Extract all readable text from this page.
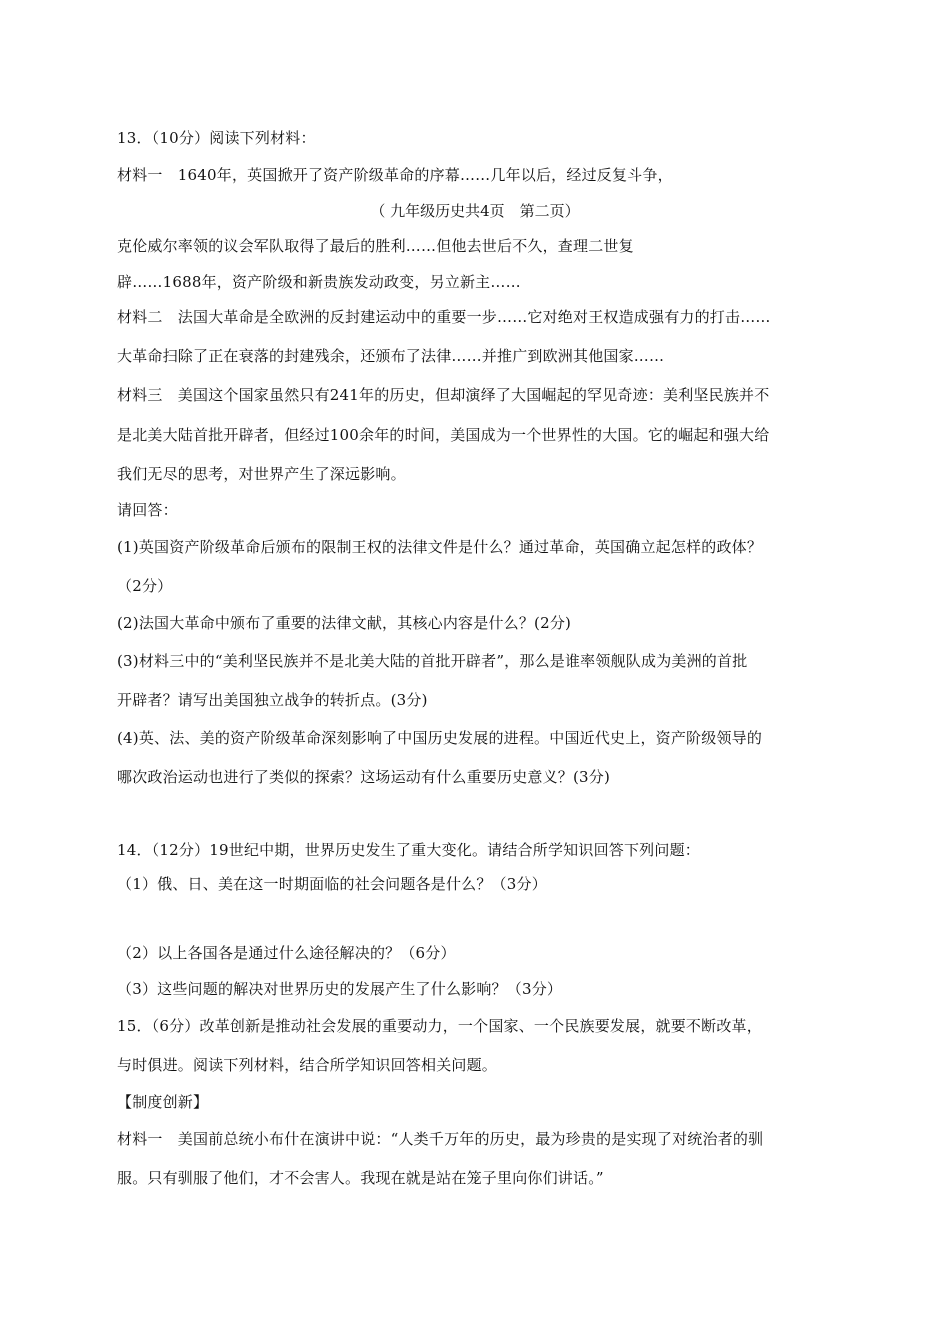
13．（10分）阅读下列材料：
材料一　1640年，英国掀开了资产阶级革命的序幕……几年以后，经过反复斗争，
（ 九年级历史共4页　第二页）
克伦威尔率领的议会军队取得了最后的胜利……但他去世后不久，查理二世复
辟……1688年，资产阶级和新贵族发动政变，另立新主……
材料二　法国大革命是全欧洲的反封建运动中的重要一步……它对绝对王权造成强有力的打击……
大革命扫除了正在衰落的封建残余，还颁布了法律……并推广到欧洲其他国家……
材料三　美国这个国家虽然只有241年的历史，但却演绎了大国崛起的罕见奇迹：美利坚民族并不
是北美大陆首批开辟者，但经过100余年的时间，美国成为一个世界性的大国。它的崛起和强大给
我们无尽的思考，对世界产生了深远影响。
请回答：
(1)英国资产阶级革命后颁布的限制王权的法律文件是什么？通过革命，英国确立起怎样的政体？
（2分）
(2)法国大革命中颁布了重要的法律文献，其核心内容是什么？(2分)
(3)材料三中的“美利坚民族并不是北美大陆的首批开辟者”，那么是谁率领舰队成为美洲的首批
开辟者？请写出美国独立战争的转折点。(3分)
(4)英、法、美的资产阶级革命深刻影响了中国历史发展的进程。中国近代史上，资产阶级领导的
哪次政治运动也进行了类似的探索？这场运动有什么重要历史意义？(3分)
14．（12分）19世纪中期，世界历史发生了重大变化。请结合所学知识回答下列问题：
（1）俄、日、美在这一时期面临的社会问题各是什么？（3分）
（2）以上各国各是通过什么途径解决的？（6分）
（3）这些问题的解决对世界历史的发展产生了什么影响？（3分）
15．（6分）改革创新是推动社会发展的重要动力，一个国家、一个民族要发展，就要不断改革，
与时俱进。阅读下列材料，结合所学知识回答相关问题。
【制度创新】
材料一　美国前总统小布什在演讲中说：“人类千万年的历史，最为珍贵的是实现了对统治者的驯
服。只有驯服了他们，才不会害人。我现在就是站在笼子里向你们讲话。”
